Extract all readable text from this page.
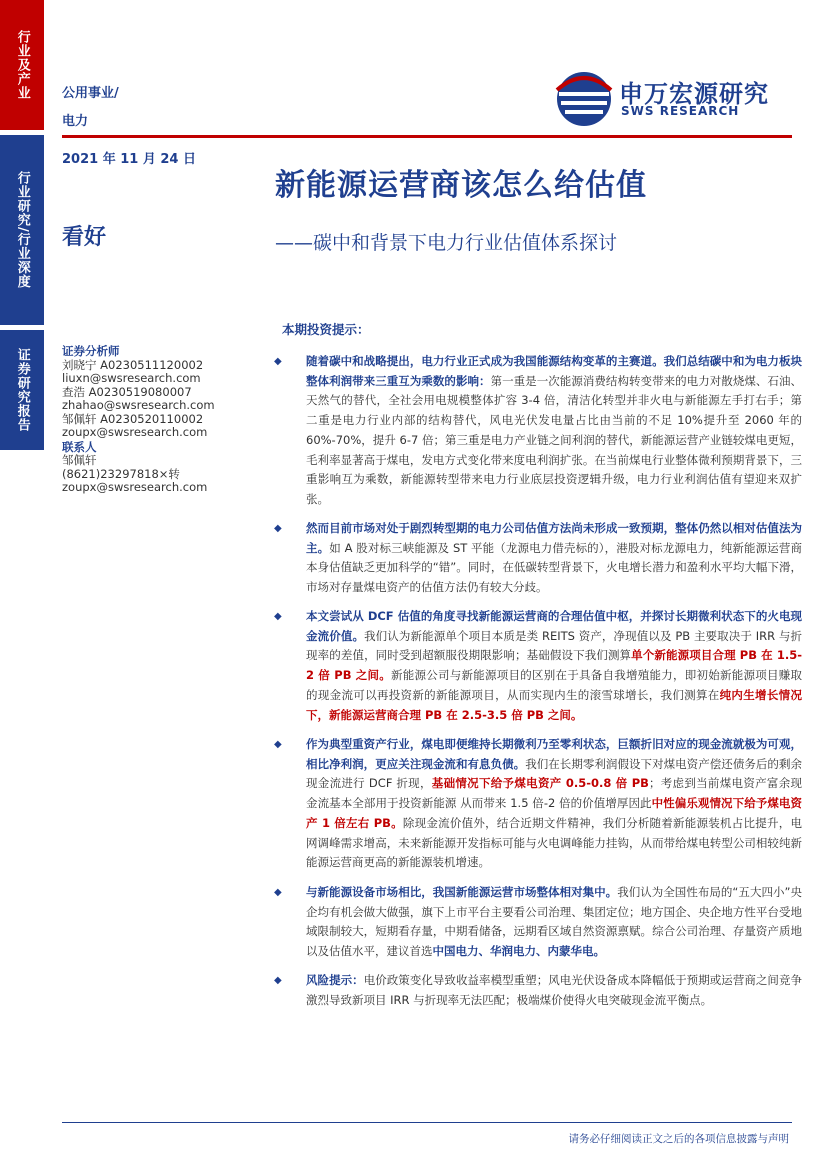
行业及产业
行业研究/行业深度
证券研究报告
公用事业/
电力
申万宏源研究
SWS RESEARCH
2021 年 11 月 24 日
新能源运营商该怎么给估值
看好	——碳中和背景下电力行业估值体系探讨
证券分析师
刘晓宁 A0230511120002
liuxn@swsresearch.com
查浩 A0230519080007
zhahao@swsresearch.com
邹佩轩 A0230520110002
zoupx@swsresearch.com
联系人
邹佩轩
(8621)23297818×转
zoupx@swsresearch.com
本期投资提示：
◆ 随着碳中和战略提出，电力行业正式成为我国能源结构变革的主赛道。我们总结碳中和为电力板块整体利润带来三重互为乘数的影响：第一重是一次能源消费结构转变带来的电力对散烧煤、石油、天然气的替代，全社会用电规模整体扩容 3-4 倍，清洁化转型并非火电与新能源左手打右手；第二重是电力行业内部的结构替代，风电光伏发电量占比由当前的不足 10%提升至 2060 年的 60%-70%，提升 6-7 倍；第三重是电力产业链之间利润的替代，新能源运营产业链较煤电更短，毛利率显著高于煤电，发电方式变化带来度电利润扩张。在当前煤电行业整体微利预期背景下，三重影响互为乘数，新能源转型带来电力行业底层投资逻辑升级，电力行业利润估值有望迎来双扩张。
◆ 然而目前市场对处于剧烈转型期的电力公司估值方法尚未形成一致预期，整体仍然以相对估值法为主。如 A 股对标三峡能源及 ST 平能（龙源电力借壳标的），港股对标龙源电力，纯新能源运营商本身估值缺乏更加科学的“错”。同时，在低碳转型背景下，火电增长潜力和盈利水平均大幅下滑，市场对存量煤电资产的估值方法仍有较大分歧。
◆ 本文尝试从 DCF 估值的角度寻找新能源运营商的合理估值中枢，并探讨长期微利状态下的火电现金流价值。我们认为新能源单个项目本质是类 REITS 资产，净现值以及 PB 主要取决于 IRR 与折现率的差值，同时受到超额服役期限影响；基础假设下我们测算单个新能源项目合理 PB 在 1.5-2 倍 PB 之间。新能源公司与新能源项目的区别在于具备自我增殖能力，即初始新能源项目赚取的现金流可以再投资新的新能源项目，从而实现内生的滚雪球增长，我们测算在纯内生增长情况下，新能源运营商合理 PB 在 2.5-3.5 倍 PB 之间。
◆ 作为典型重资产行业，煤电即便维持长期微利乃至零利状态，巨额折旧对应的现金流就极为可观，相比净利润，更应关注现金流和有息负债。我们在长期零利润假设下对煤电资产偿还债务后的剩余现金流进行 DCF 折现，基础情况下给予煤电资产 0.5-0.8 倍 PB；考虑到当前煤电资产富余现金流基本全部用于投资新能源 从而带来 1.5 倍-2 倍的价值增厚因此中性偏乐观情况下给予煤电资产 1 倍左右 PB。除现金流价值外，结合近期文件精神，我们分析随着新能源装机占比提升，电网调峰需求增高，未来新能源开发指标可能与火电调峰能力挂钩，从而带给煤电转型公司相较纯新能源运营商更高的新能源装机增速。
◆ 与新能源设备市场相比，我国新能源运营市场整体相对集中。我们认为全国性布局的“五大四小”央企均有机会做大做强，旗下上市平台主要看公司治理、集团定位；地方国企、央企地方性平台受地域限制较大，短期看存量，中期看储备，远期看区域自然资源禀赋。综合公司治理、存量资产质地以及估值水平，建议首选中国电力、华润电力、内蒙华电。
◆ 风险提示：电价政策变化导致收益率模型重塑；风电光伏设备成本降幅低于预期或运营商之间竞争激烈导致新项目 IRR 与折现率无法匹配；极端煤价使得火电突破现金流平衡点。
请务必仔细阅读正文之后的各项信息披露与声明
